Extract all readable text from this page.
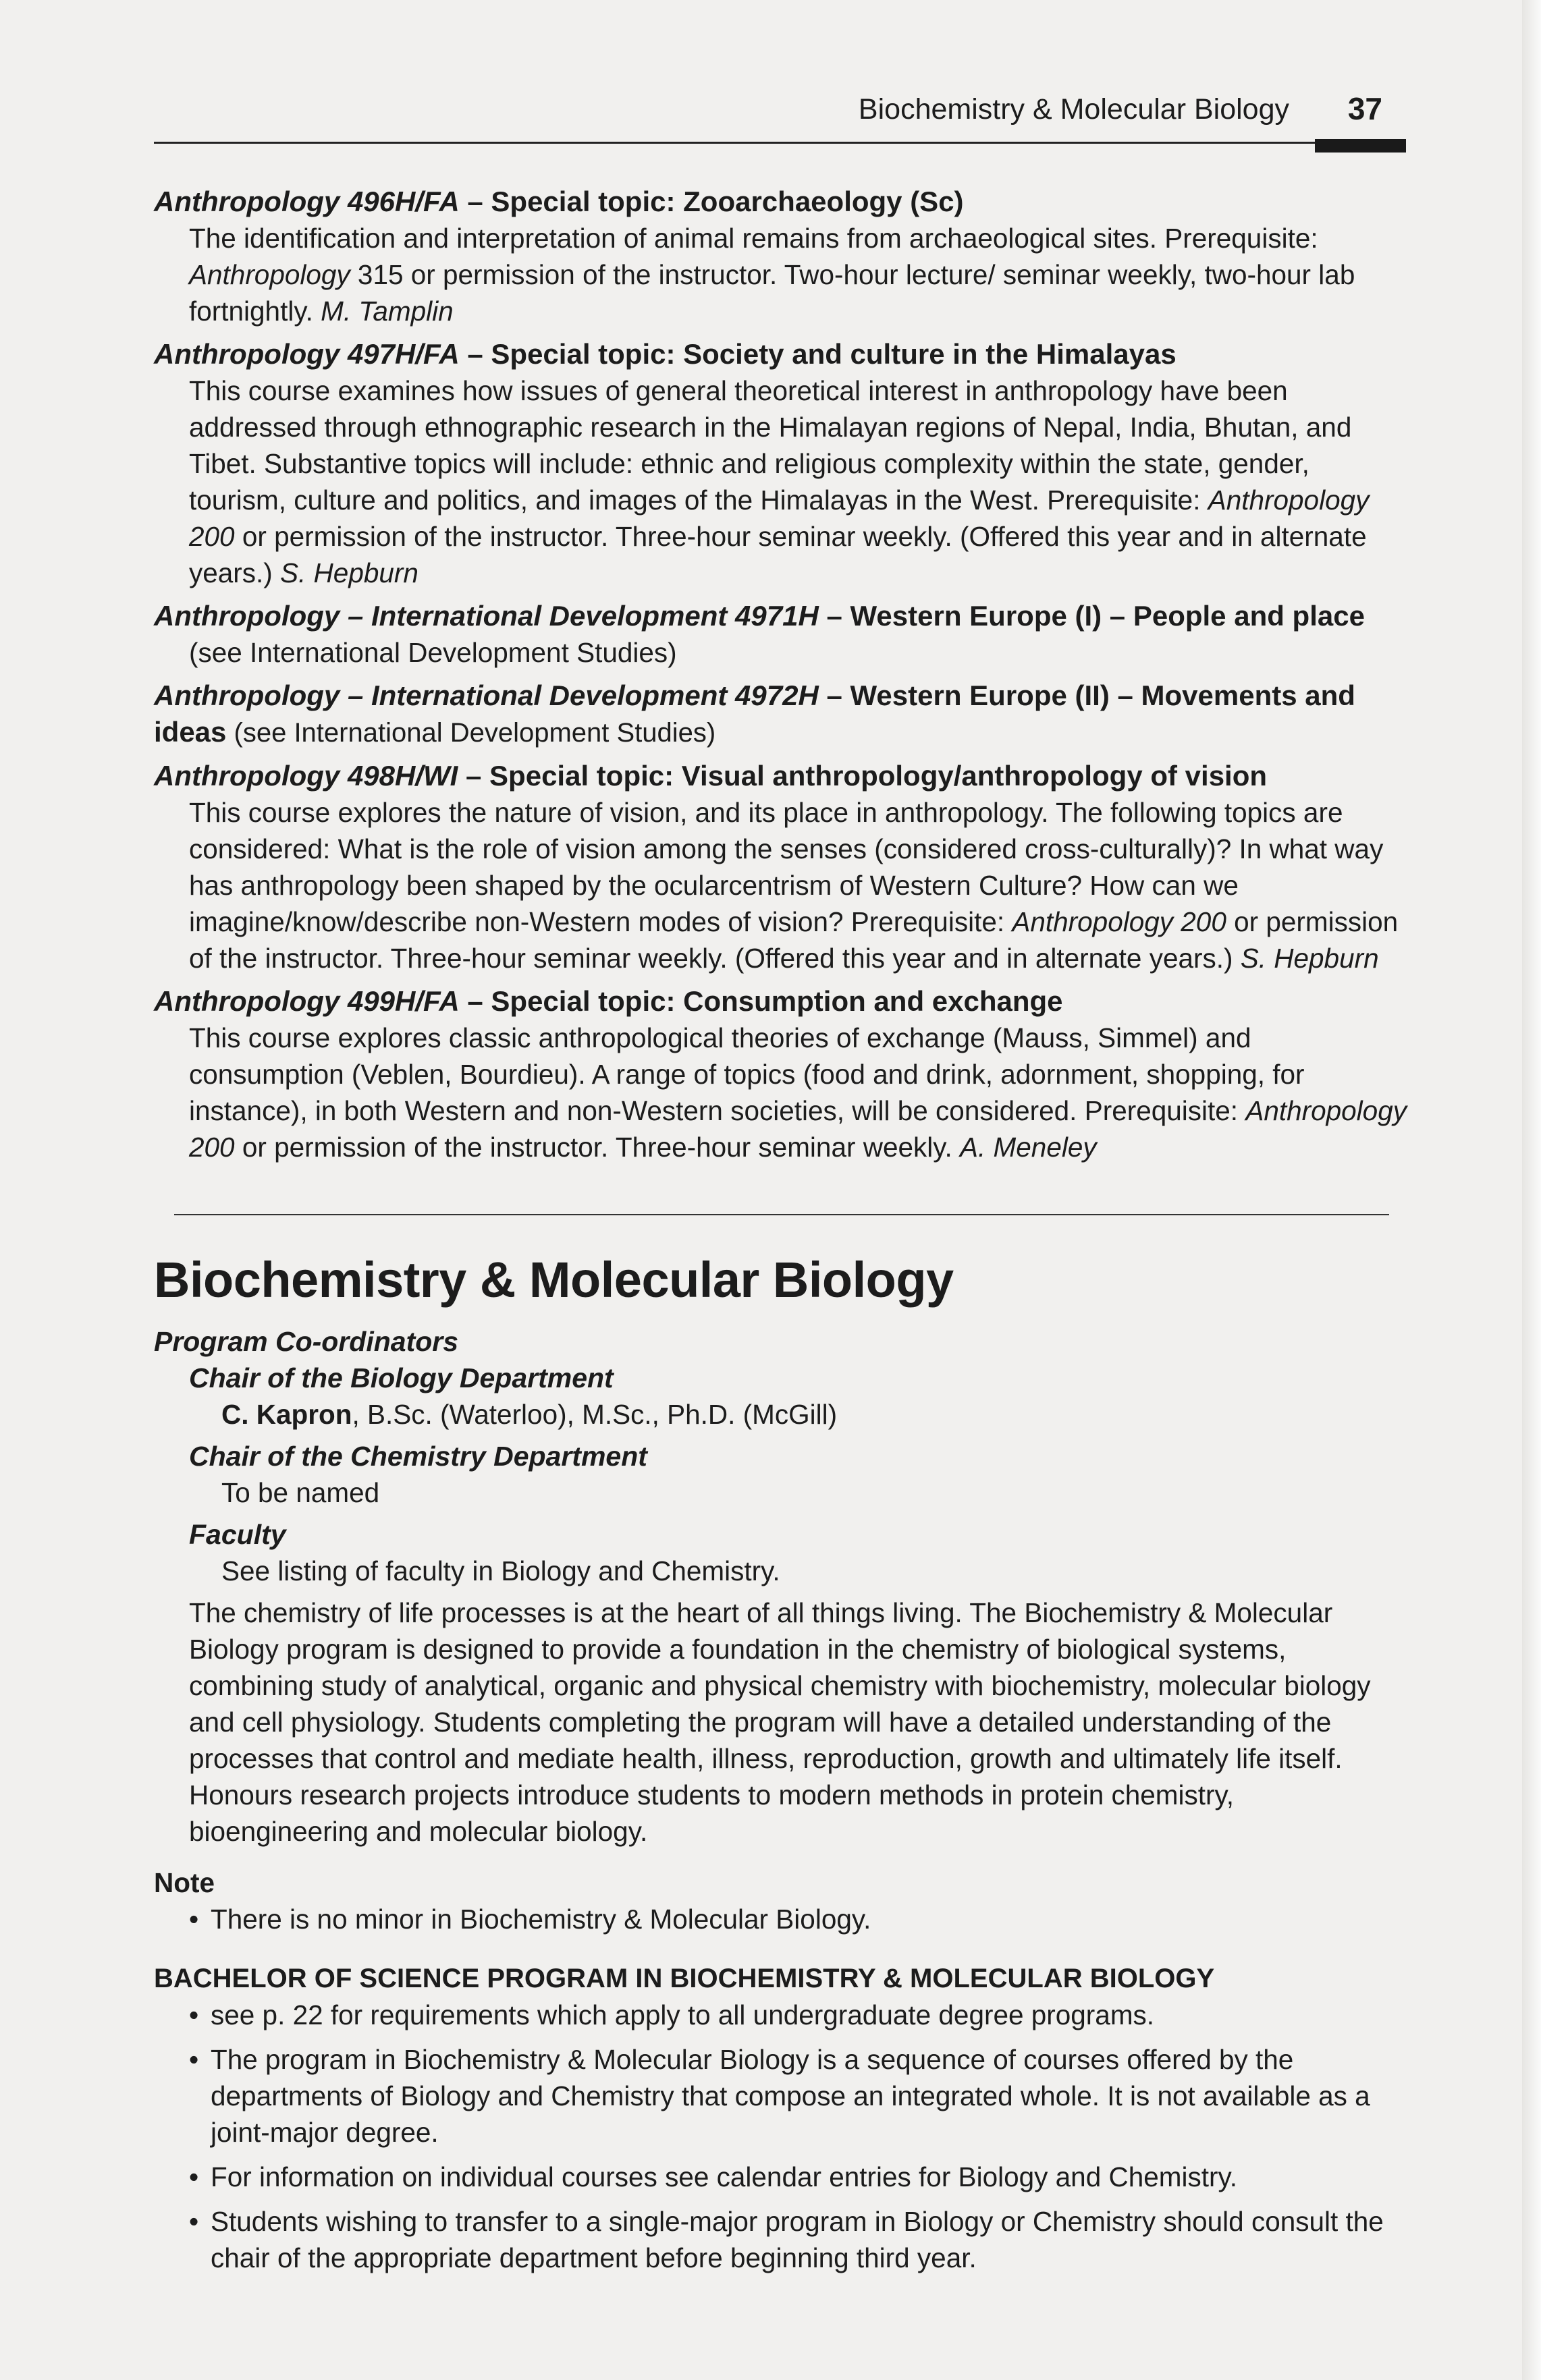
Biochemistry & Molecular Biology 37
Anthropology 496H/FA – Special topic: Zooarchaeology (Sc)
The identification and interpretation of animal remains from archaeological sites. Prerequisite: Anthropology 315 or permission of the instructor. Two-hour lecture/ seminar weekly, two-hour lab fortnightly. M. Tamplin
Anthropology 497H/FA – Special topic: Society and culture in the Himalayas
This course examines how issues of general theoretical interest in anthropology have been addressed through ethnographic research in the Himalayan regions of Nepal, India, Bhutan, and Tibet. Substantive topics will include: ethnic and religious complexity within the state, gender, tourism, culture and politics, and images of the Himalayas in the West. Prerequisite: Anthropology 200 or permission of the instructor. Three-hour seminar weekly. (Offered this year and in alternate years.) S. Hepburn
Anthropology – International Development 4971H – Western Europe (I) – People and place
(see International Development Studies)
Anthropology – International Development 4972H – Western Europe (II) – Movements and ideas (see International Development Studies)
Anthropology 498H/WI – Special topic: Visual anthropology/anthropology of vision
This course explores the nature of vision, and its place in anthropology. The following topics are considered: What is the role of vision among the senses (considered cross-culturally)? In what way has anthropology been shaped by the ocularcentrism of Western Culture? How can we imagine/know/describe non-Western modes of vision? Prerequisite: Anthropology 200 or permission of the instructor. Three-hour seminar weekly. (Offered this year and in alternate years.) S. Hepburn
Anthropology 499H/FA – Special topic: Consumption and exchange
This course explores classic anthropological theories of exchange (Mauss, Simmel) and consumption (Veblen, Bourdieu). A range of topics (food and drink, adornment, shopping, for instance), in both Western and non-Western societies, will be considered. Prerequisite: Anthropology 200 or permission of the instructor. Three-hour seminar weekly. A. Meneley
Biochemistry & Molecular Biology
Program Co-ordinators
Chair of the Biology Department
C. Kapron, B.Sc. (Waterloo), M.Sc., Ph.D. (McGill)
Chair of the Chemistry Department
To be named
Faculty
See listing of faculty in Biology and Chemistry.
The chemistry of life processes is at the heart of all things living. The Biochemistry & Molecular Biology program is designed to provide a foundation in the chemistry of biological systems, combining study of analytical, organic and physical chemistry with biochemistry, molecular biology and cell physiology. Students completing the program will have a detailed understanding of the processes that control and mediate health, illness, reproduction, growth and ultimately life itself. Honours research projects introduce students to modern methods in protein chemistry, bioengineering and molecular biology.
Note
• There is no minor in Biochemistry & Molecular Biology.
BACHELOR OF SCIENCE PROGRAM IN BIOCHEMISTRY & MOLECULAR BIOLOGY
• see p. 22 for requirements which apply to all undergraduate degree programs.
• The program in Biochemistry & Molecular Biology is a sequence of courses offered by the departments of Biology and Chemistry that compose an integrated whole. It is not available as a joint-major degree.
• For information on individual courses see calendar entries for Biology and Chemistry.
• Students wishing to transfer to a single-major program in Biology or Chemistry should consult the chair of the appropriate department before beginning third year.
